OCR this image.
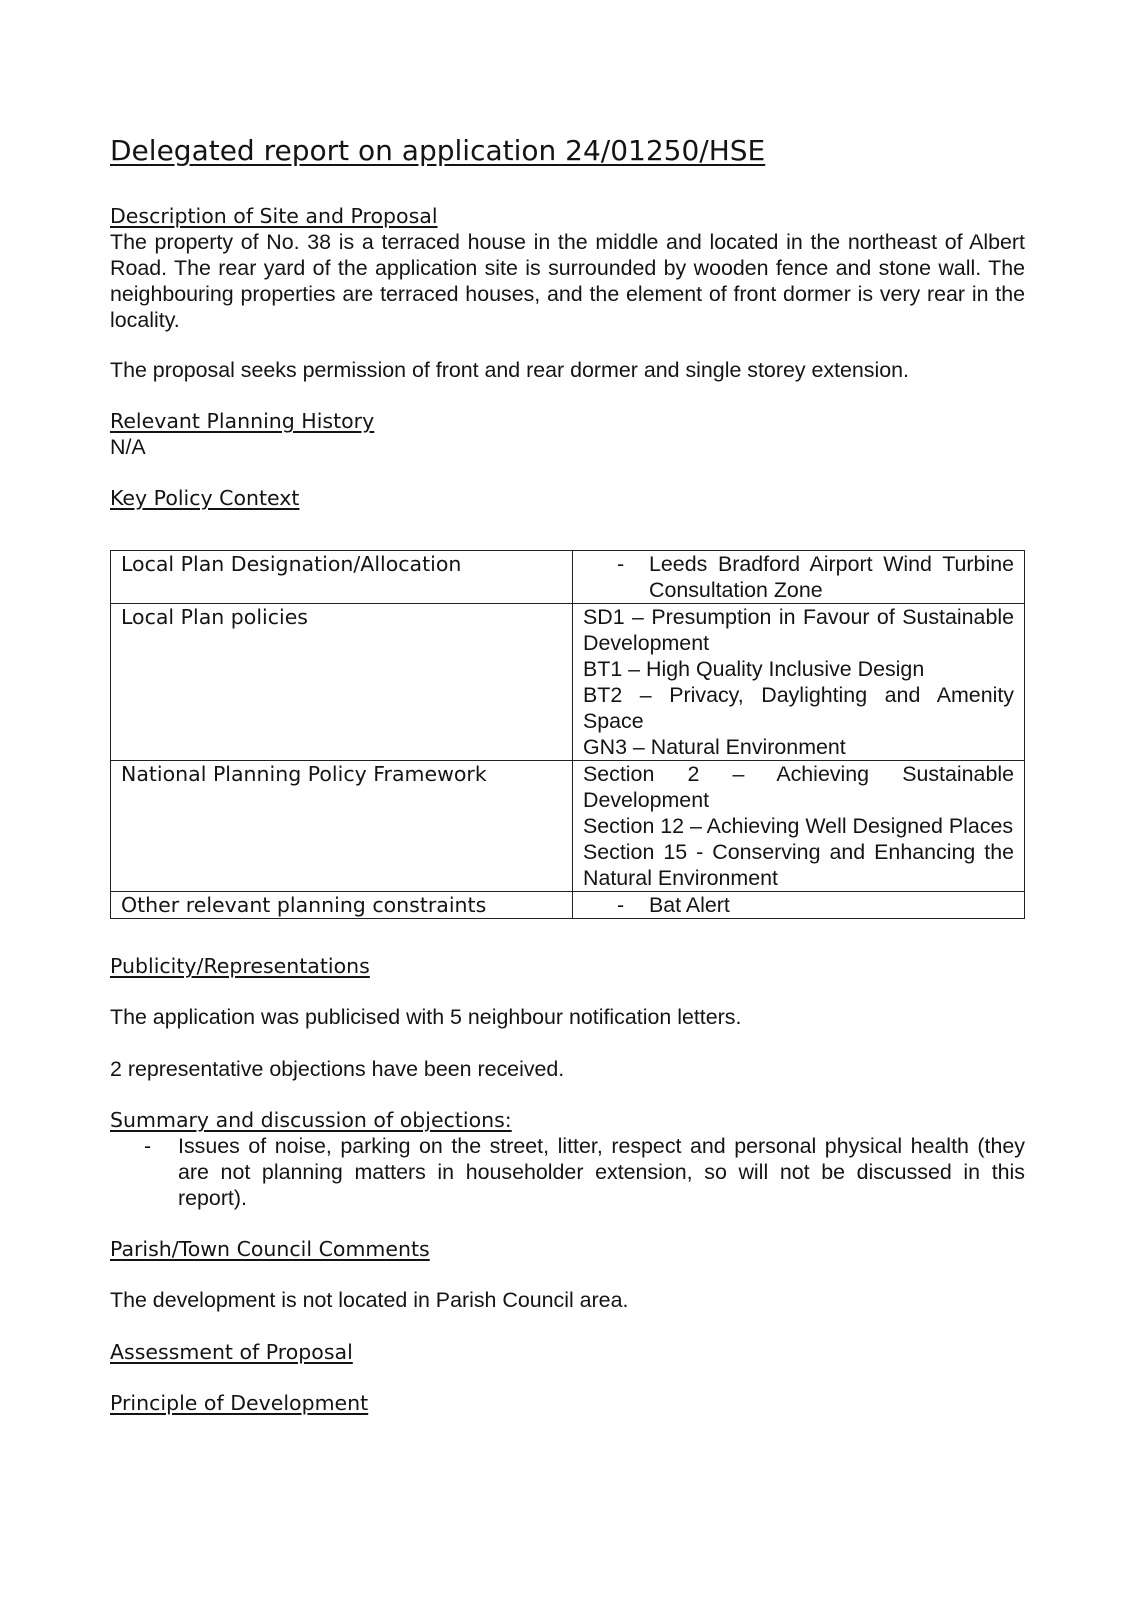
Delegated report on application 24/01250/HSE
Description of Site and Proposal

The property of No. 38 is a terraced house in the middle and located in the northeast of Albert Road. The rear yard of the application site is surrounded by wooden fence and stone wall. The neighbouring properties are terraced houses, and the element of front dormer is very rear in the locality.

The proposal seeks permission of front and rear dormer and single storey extension.

Relevant Planning History
N/A
Key Policy Context
Local Plan Designation/Allocation	- Leeds Bradford Airport Wind Turbine Consultation Zone

Local Plan policies	SD1 – Presumption in Favour of Sustainable Development
BT1 – High Quality Inclusive Design
BT2 – Privacy, Daylighting and Amenity Space
GN3 – Natural Environment

National Planning Policy Framework	Section 2 – Achieving Sustainable Development
Section 12 – Achieving Well Designed Places
Section 15 - Conserving and Enhancing the Natural Environment

Other relevant planning constraints	- Bat Alert
Publicity/Representations
The application was publicised with 5 neighbour notification letters.
2 representative objections have been received.
Summary and discussion of objections:
-	Issues of noise, parking on the street, litter, respect and personal physical health (they are not planning matters in householder extension, so will not be discussed in this report).
Parish/Town Council Comments
The development is not located in Parish Council area.
Assessment of Proposal
Principle of Development
